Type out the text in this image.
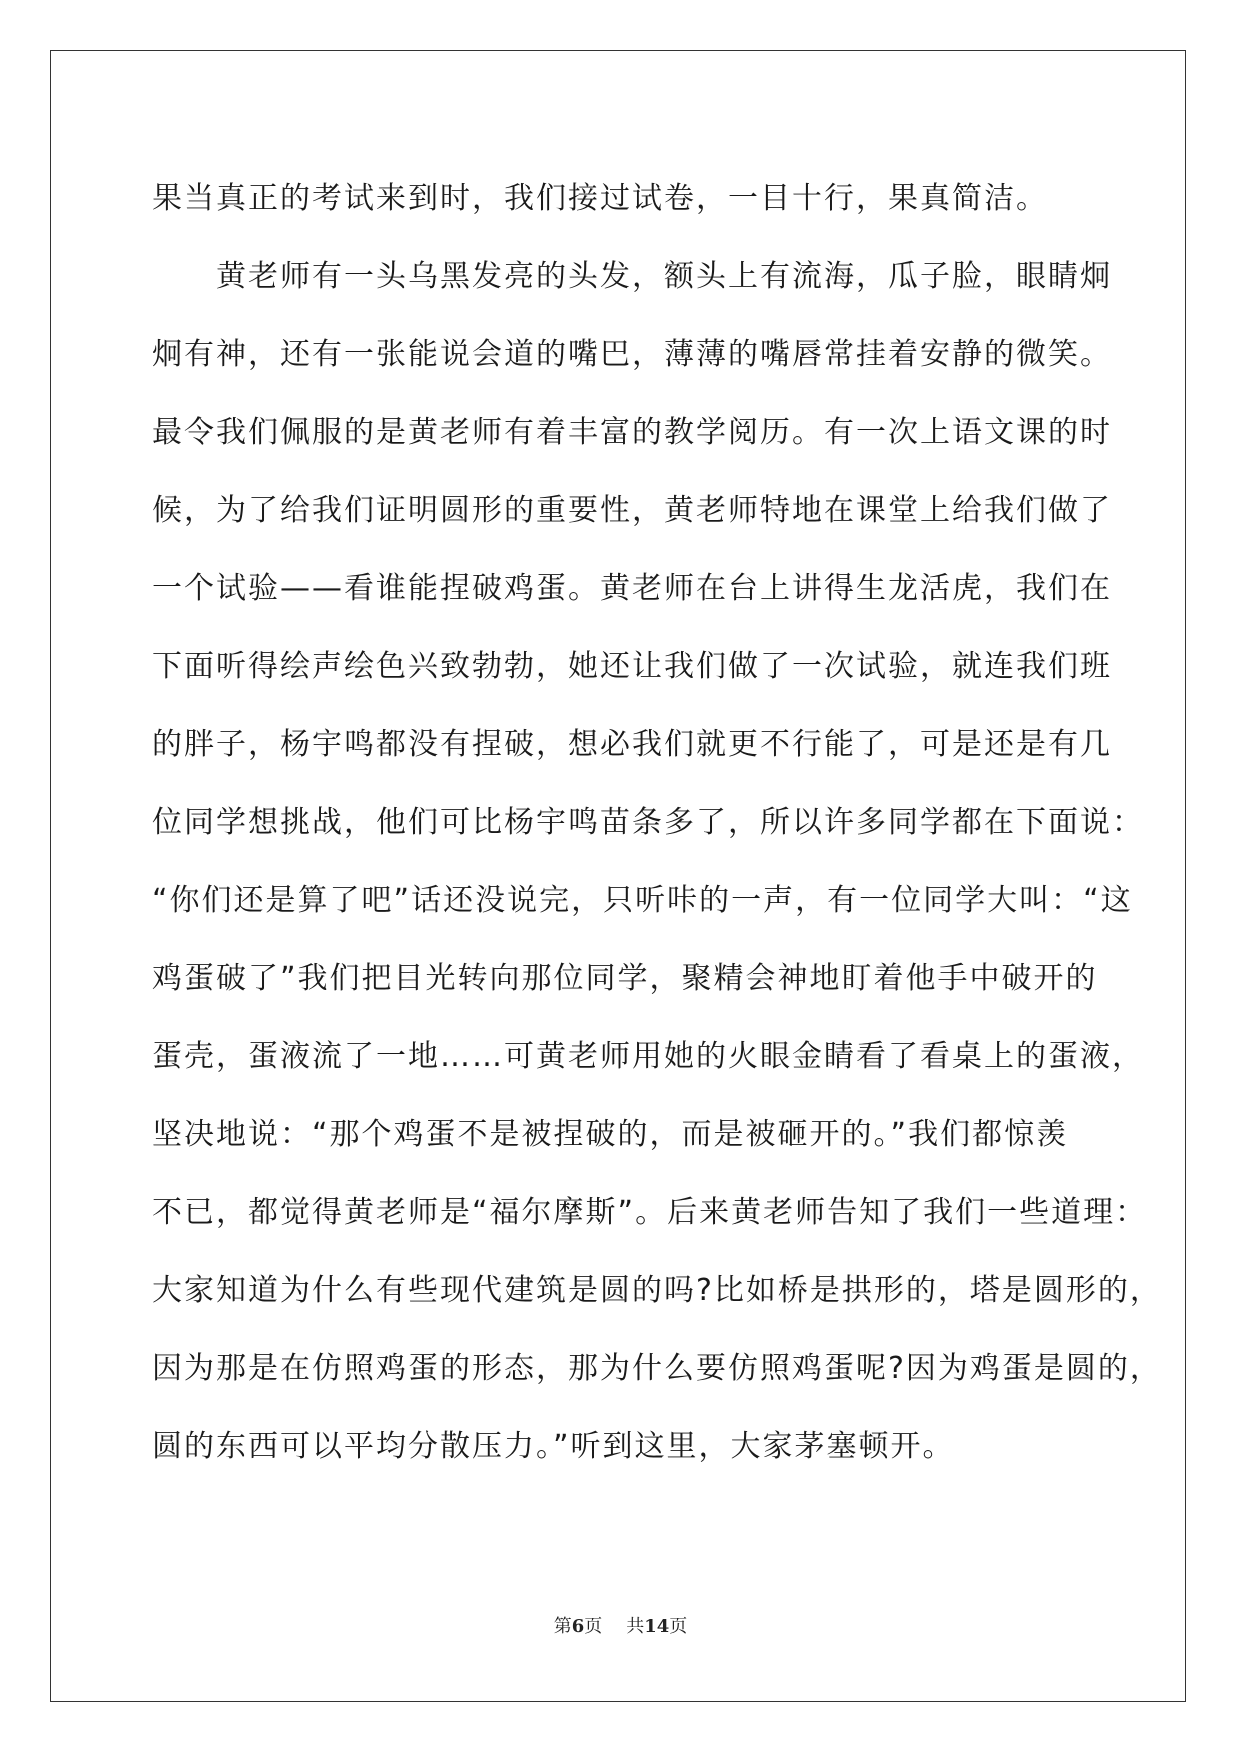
果当真正的考试来到时，我们接过试卷，一目十行，果真简洁。
黄老师有一头乌黑发亮的头发，额头上有流海，瓜子脸，眼睛炯
炯有神，还有一张能说会道的嘴巴，薄薄的嘴唇常挂着安静的微笑。
最令我们佩服的是黄老师有着丰富的教学阅历。有一次上语文课的时
候，为了给我们证明圆形的重要性，黄老师特地在课堂上给我们做了
一个试验——看谁能捏破鸡蛋。黄老师在台上讲得生龙活虎，我们在
下面听得绘声绘色兴致勃勃，她还让我们做了一次试验，就连我们班
的胖子，杨宇鸣都没有捏破，想必我们就更不行能了，可是还是有几
位同学想挑战，他们可比杨宇鸣苗条多了，所以许多同学都在下面说：
“你们还是算了吧”话还没说完，只听咔的一声，有一位同学大叫：“这
鸡蛋破了”我们把目光转向那位同学，聚精会神地盯着他手中破开的
蛋壳，蛋液流了一地……可黄老师用她的火眼金睛看了看桌上的蛋液，
坚决地说：“那个鸡蛋不是被捏破的，而是被砸开的。”我们都惊羡
不已，都觉得黄老师是“福尔摩斯”。后来黄老师告知了我们一些道理：
大家知道为什么有些现代建筑是圆的吗?比如桥是拱形的，塔是圆形的，
因为那是在仿照鸡蛋的形态，那为什么要仿照鸡蛋呢?因为鸡蛋是圆的，
圆的东西可以平均分散压力。”听到这里，大家茅塞顿开。
第6页 共14页
